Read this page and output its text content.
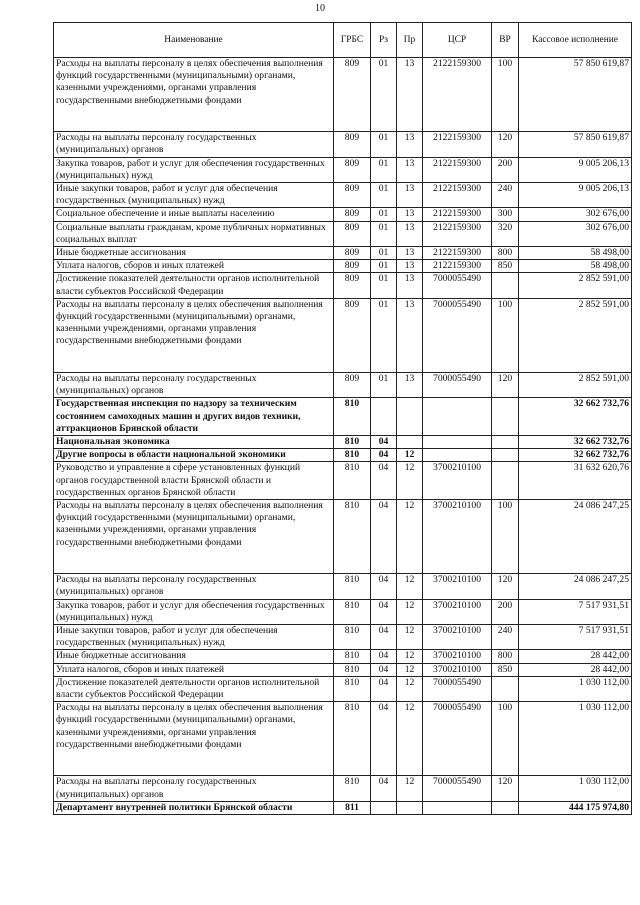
10
Наименование	ГРБС	Рз	Пр	ЦСР	ВР	Кассовое исполнение
Расходы на выплаты персоналу в целях обеспечения выполнения функций государственными (муниципальными) органами, казенными учреждениями, органами управления государственными внебюджетными фондами	809	01	13	2122159300	100	57 850 619,87
Расходы на выплаты персоналу государственных (муниципальных) органов	809	01	13	2122159300	120	57 850 619,87
Закупка товаров, работ и услуг для обеспечения государственных (муниципальных) нужд	809	01	13	2122159300	200	9 005 206,13
Иные закупки товаров, работ и услуг для обеспечения государственных (муниципальных) нужд	809	01	13	2122159300	240	9 005 206,13
Социальное обеспечение и иные выплаты населению	809	01	13	2122159300	300	302 676,00
Социальные выплаты гражданам, кроме публичных нормативных социальных выплат	809	01	13	2122159300	320	302 676,00
Иные бюджетные ассигнования	809	01	13	2122159300	800	58 498,00
Уплата налогов, сборов и иных платежей	809	01	13	2122159300	850	58 498,00
Достижение показателей деятельности органов исполнительной власти субъектов Российской Федерации	809	01	13	7000055490		2 852 591,00
Расходы на выплаты персоналу в целях обеспечения выполнения функций государственными (муниципальными) органами, казенными учреждениями, органами управления государственными внебюджетными фондами	809	01	13	7000055490	100	2 852 591,00
Расходы на выплаты персоналу государственных (муниципальных) органов	809	01	13	7000055490	120	2 852 591,00
Государственная инспекция по надзору за техническим состоянием самоходных машин и других видов техники, аттракционов Брянской области	810					32 662 732,76
Национальная экономика	810	04				32 662 732,76
Другие вопросы в области национальной экономики	810	04	12			32 662 732,76
Руководство и управление в сфере установленных функций органов государственной власти Брянской области и государственных органов Брянской области	810	04	12	3700210100		31 632 620,76
Расходы на выплаты персоналу в целях обеспечения выполнения функций государственными (муниципальными) органами, казенными учреждениями, органами управления государственными внебюджетными фондами	810	04	12	3700210100	100	24 086 247,25
Расходы на выплаты персоналу государственных (муниципальных) органов	810	04	12	3700210100	120	24 086 247,25
Закупка товаров, работ и услуг для обеспечения государственных (муниципальных) нужд	810	04	12	3700210100	200	7 517 931,51
Иные закупки товаров, работ и услуг для обеспечения государственных (муниципальных) нужд	810	04	12	3700210100	240	7 517 931,51
Иные бюджетные ассигнования	810	04	12	3700210100	800	28 442,00
Уплата налогов, сборов и иных платежей	810	04	12	3700210100	850	28 442,00
Достижение показателей деятельности органов исполнительной власти субъектов Российской Федерации	810	04	12	7000055490		1 030 112,00
Расходы на выплаты персоналу в целях обеспечения выполнения функций государственными (муниципальными) органами, казенными учреждениями, органами управления государственными внебюджетными фондами	810	04	12	7000055490	100	1 030 112,00
Расходы на выплаты персоналу государственных (муниципальных) органов	810	04	12	7000055490	120	1 030 112,00
Департамент внутренней политики Брянской области	811					444 175 974,80
